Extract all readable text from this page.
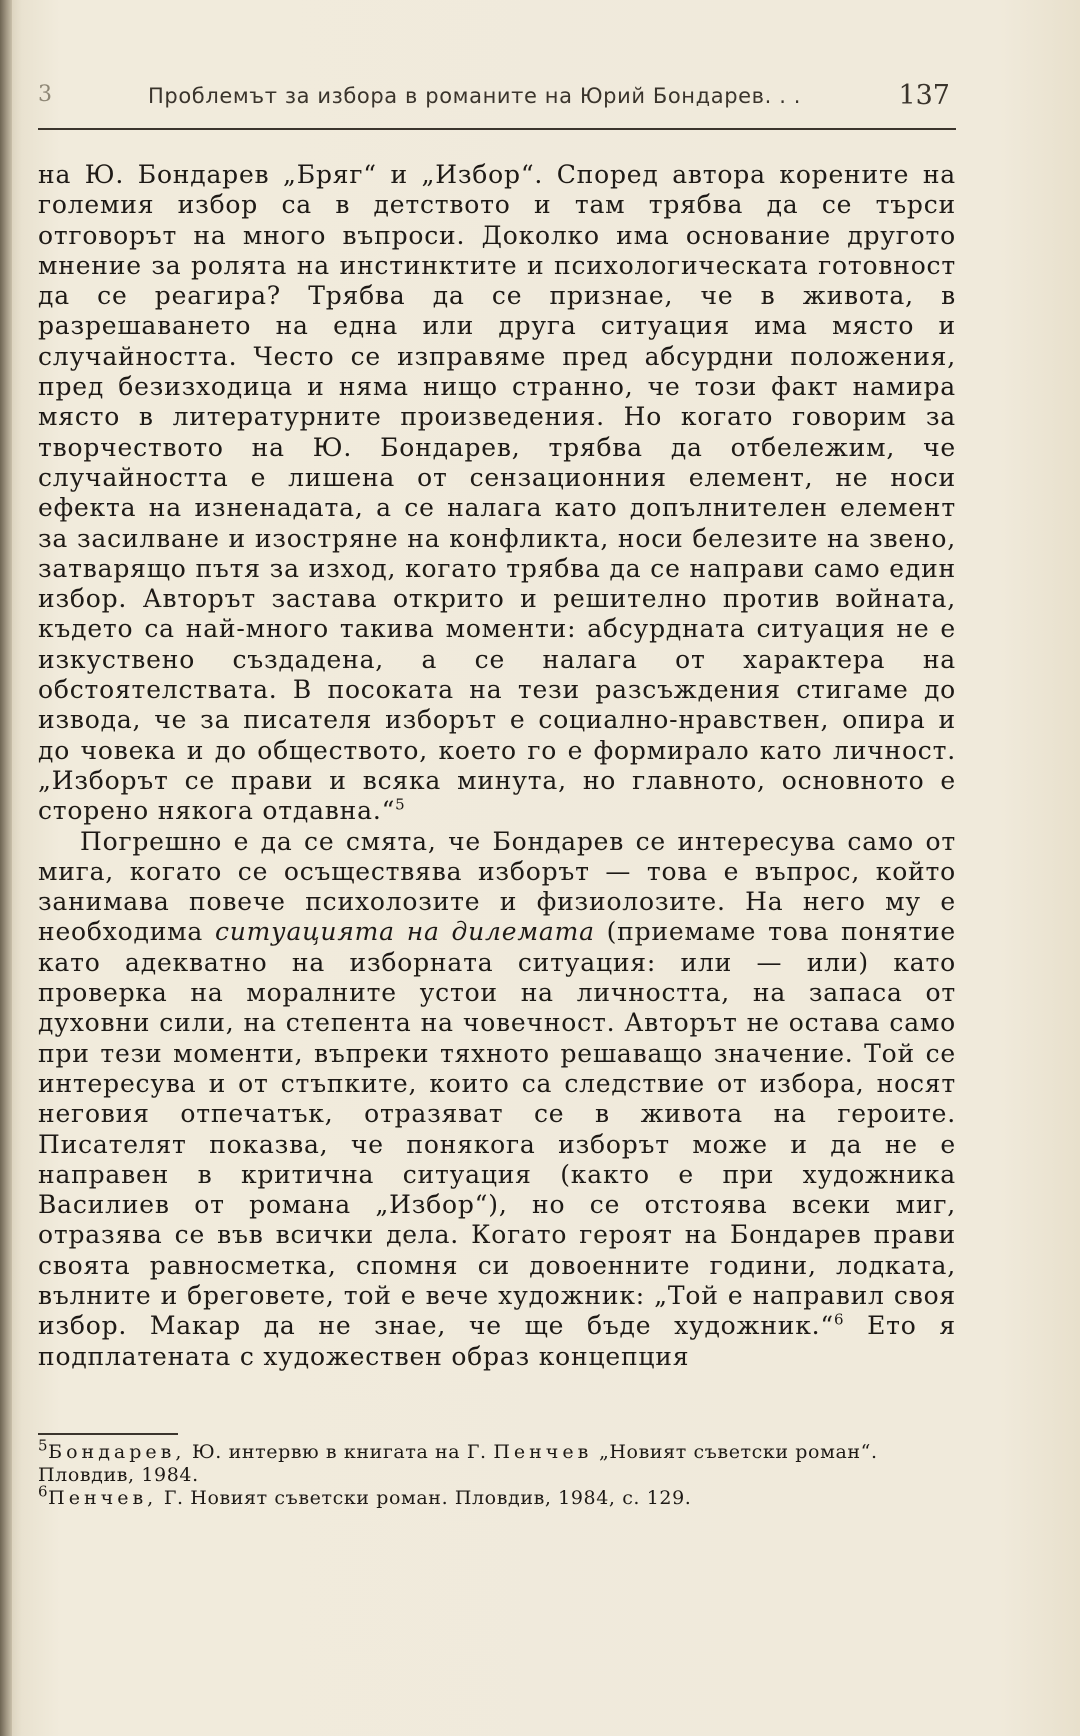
3	Проблемът за избора в романите на Юрий Бондарев. . .	137

на Ю. Бондарев „Бряг“ и „Избор“. Според автора корените на големия избор са в детството и там трябва да се търси отговорът на много въпроси. Доколко има основание другото мнение за ролята на инстинктите и психологическата готовност да се реагира? Трябва да се признае, че в живота, в разрешаването на една или друга ситуация има място и случайността. Често се изправяме пред абсурдни положения, пред безизходица и няма нищо странно, че този факт намира място в литературните произведения. Но когато говорим за творчеството на Ю. Бондарев, трябва да отбележим, че случайността е лишена от сензационния елемент, не носи ефекта на изненадата, а се налага като допълнителен елемент за засилване и изостряне на конфликта, носи белезите на звено, затварящо пътя за изход, когато трябва да се направи само един избор. Авторът застава открито и решително против войната, където са най-много такива моменти: абсурдната ситуация не е изкуствено създадена, а се налага от характера на обстоятелствата. В посоката на тези разсъждения стигаме до извода, че за писателя изборът е социално-нравствен, опира и до човека и до обществото, което го е формирало като личност. „Изборът се прави и всяка минута, но главното, основното е сторено някога отдавна.“$^5$

Погрешно е да се смята, че Бондарев се интересува само от мига, когато се осъществява изборът — това е въпрос, който занимава повече психолозите и физиолозите. На него му е необходима ситуацията на дилемата (приемаме това понятие като адекватно на изборната ситуация: или — или) като проверка на моралните устои на личността, на запаса от духовни сили, на степента на човечност. Авторът не остава само при тези моменти, въпреки тяхното решаващо значение. Той се интересува и от стъпките, които са следствие от избора, носят неговия отпечатък, отразяват се в живота на героите. Писателят показва, че понякога изборът може и да не е направен в критична ситуация (както е при художника Василиев от романа „Избор“), но се отстоява всеки миг, отразява се във всички дела. Когато героят на Бондарев прави своята равносметка, спомня си довоенните години, лодката, вълните и бреговете, той е вече художник: „Той е направил своя избор. Макар да не знае, че ще бъде художник.“$^6$ Ето я подплатената с художествен образ концепция

$^5$Бондарев, Ю. интервю в книгата на Г. Пенчев „Новият съветски роман“. Пловдив, 1984.

$^6$Пенчев, Г. Новият съветски роман. Пловдив, 1984, с. 129.
